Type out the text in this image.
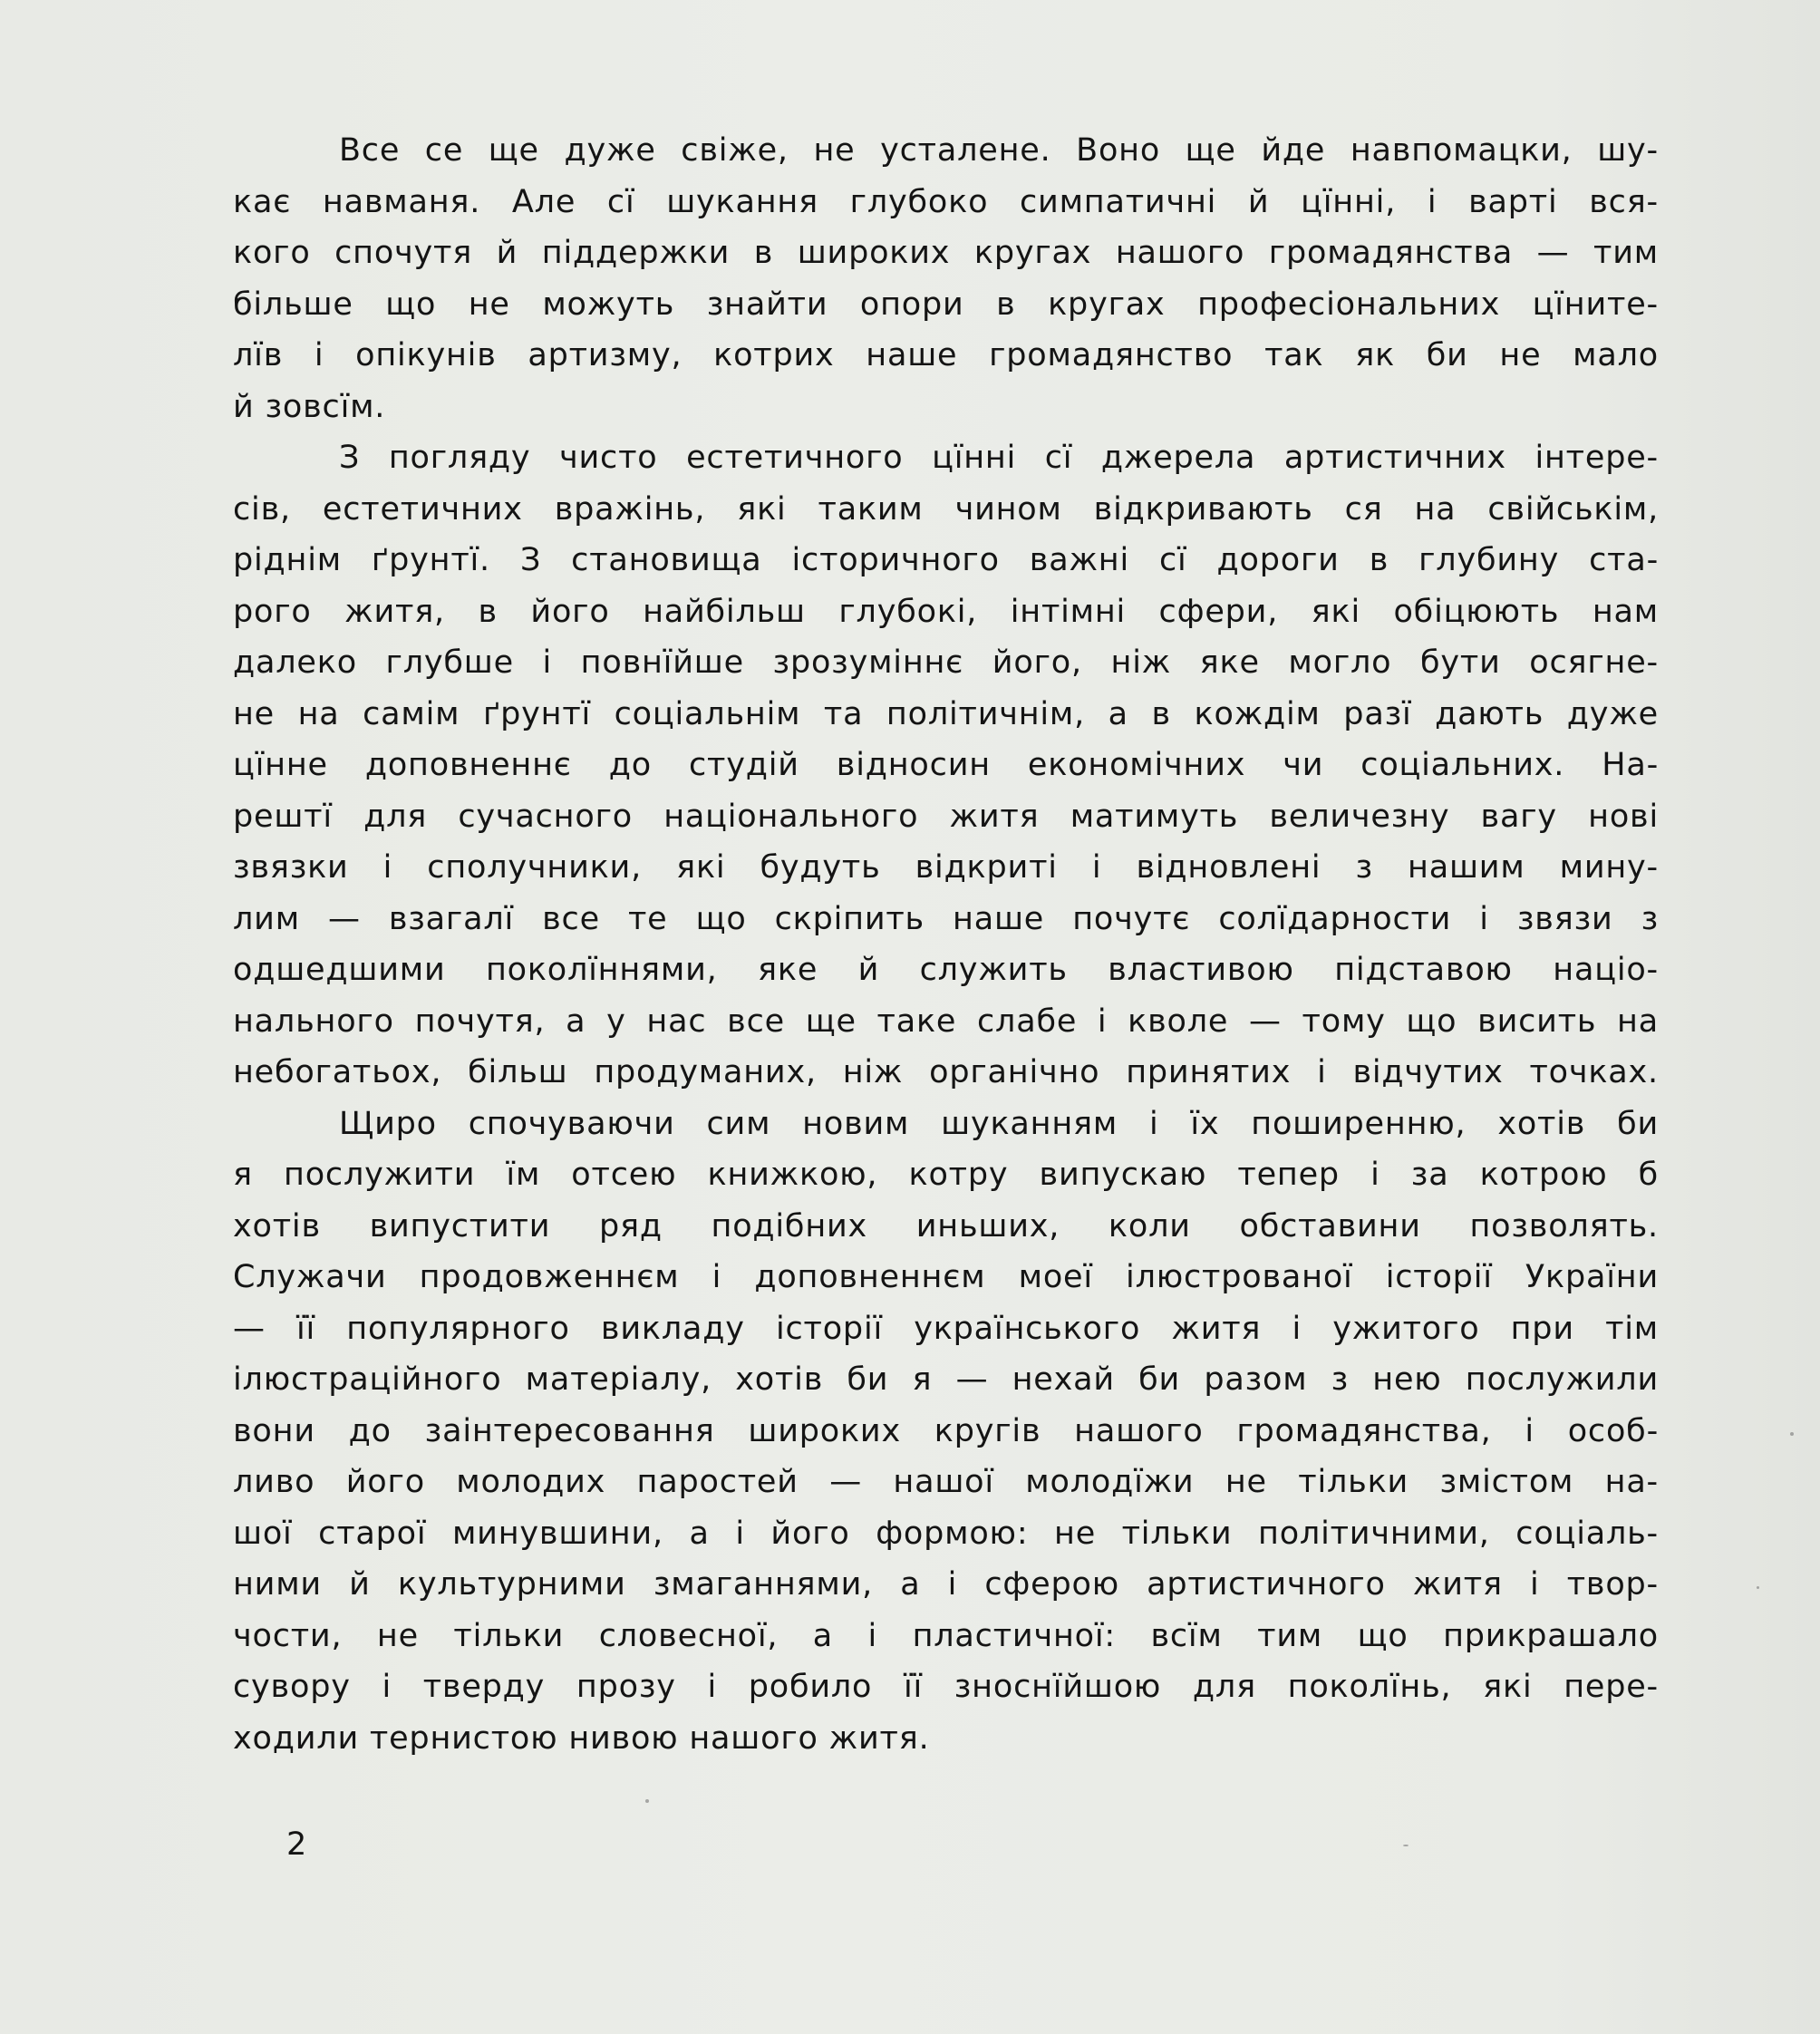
Все се ще дуже свіже, не усталене. Воно ще йде навпомацки, шу-
кає навманя. Але сї шукання глубоко симпатичні й цїнні, і варті вся-
кого спочутя й піддержки в широких кругах нашого громадянства — тим
більше що не можуть знайти опори в кругах професіональних цїните-
лїв і опікунів артизму, котрих наше громадянство так як би не мало
й зовсїм.
З погляду чисто естетичного цїнні сї джерела артистичних інтере-
сів, естетичних вражінь, які таким чином відкривають ся на свійськім,
ріднім ґрунтї. З становища історичного важні сї дороги в глубину ста-
рого житя, в його найбільш глубокі, інтімні сфери, які обіцюють нам
далеко глубше і повнїйше зрозуміннє його, ніж яке могло бути осягне-
не на самім ґрунтї соціальнім та політичнім, а в кождім разї дають дуже
цїнне доповненнє до студій відносин економічних чи соціальних. На-
рештї для сучасного національного житя матимуть величезну вагу нові
звязки і сполучники, які будуть відкриті і відновлені з нашим мину-
лим — взагалї все те що скріпить наше почутє солїдарности і звязи з
одшедшими поколїннями, яке й служить властивою підставою націо-
нального почутя, а у нас все ще таке слабе і кволе — тому що висить на
небогатьох, більш продуманих, ніж органічно принятих і відчутих точках.
Щиро спочуваючи сим новим шуканням і їх поширенню, хотів би
я послужити їм отсею книжкою, котру випускаю тепер і за котрою б
хотів випустити ряд подібних иньших, коли обставини позволять.
Служачи продовженнєм і доповненнєм моеї ілюстрованої історії України
— її популярного викладу історії українського житя і ужитого при тім
ілюстраційного матеріалу, хотів би я — нехай би разом з нею послужили
вони до заінтересовання широких кругів нашого громадянства, і особ-
ливо його молодих паростей — нашої молодїжи не тільки змістом на-
шої старої минувшини, а і його формою: не тільки політичними, соціаль-
ними й культурними змаганнями, а і сферою артистичного житя і твор-
чости, не тільки словесної, а і пластичної: всїм тим що прикрашало
сувору і тверду прозу і робило її зноснїйшою для поколїнь, які пере-
ходили тернистою нивою нашого житя.
2
